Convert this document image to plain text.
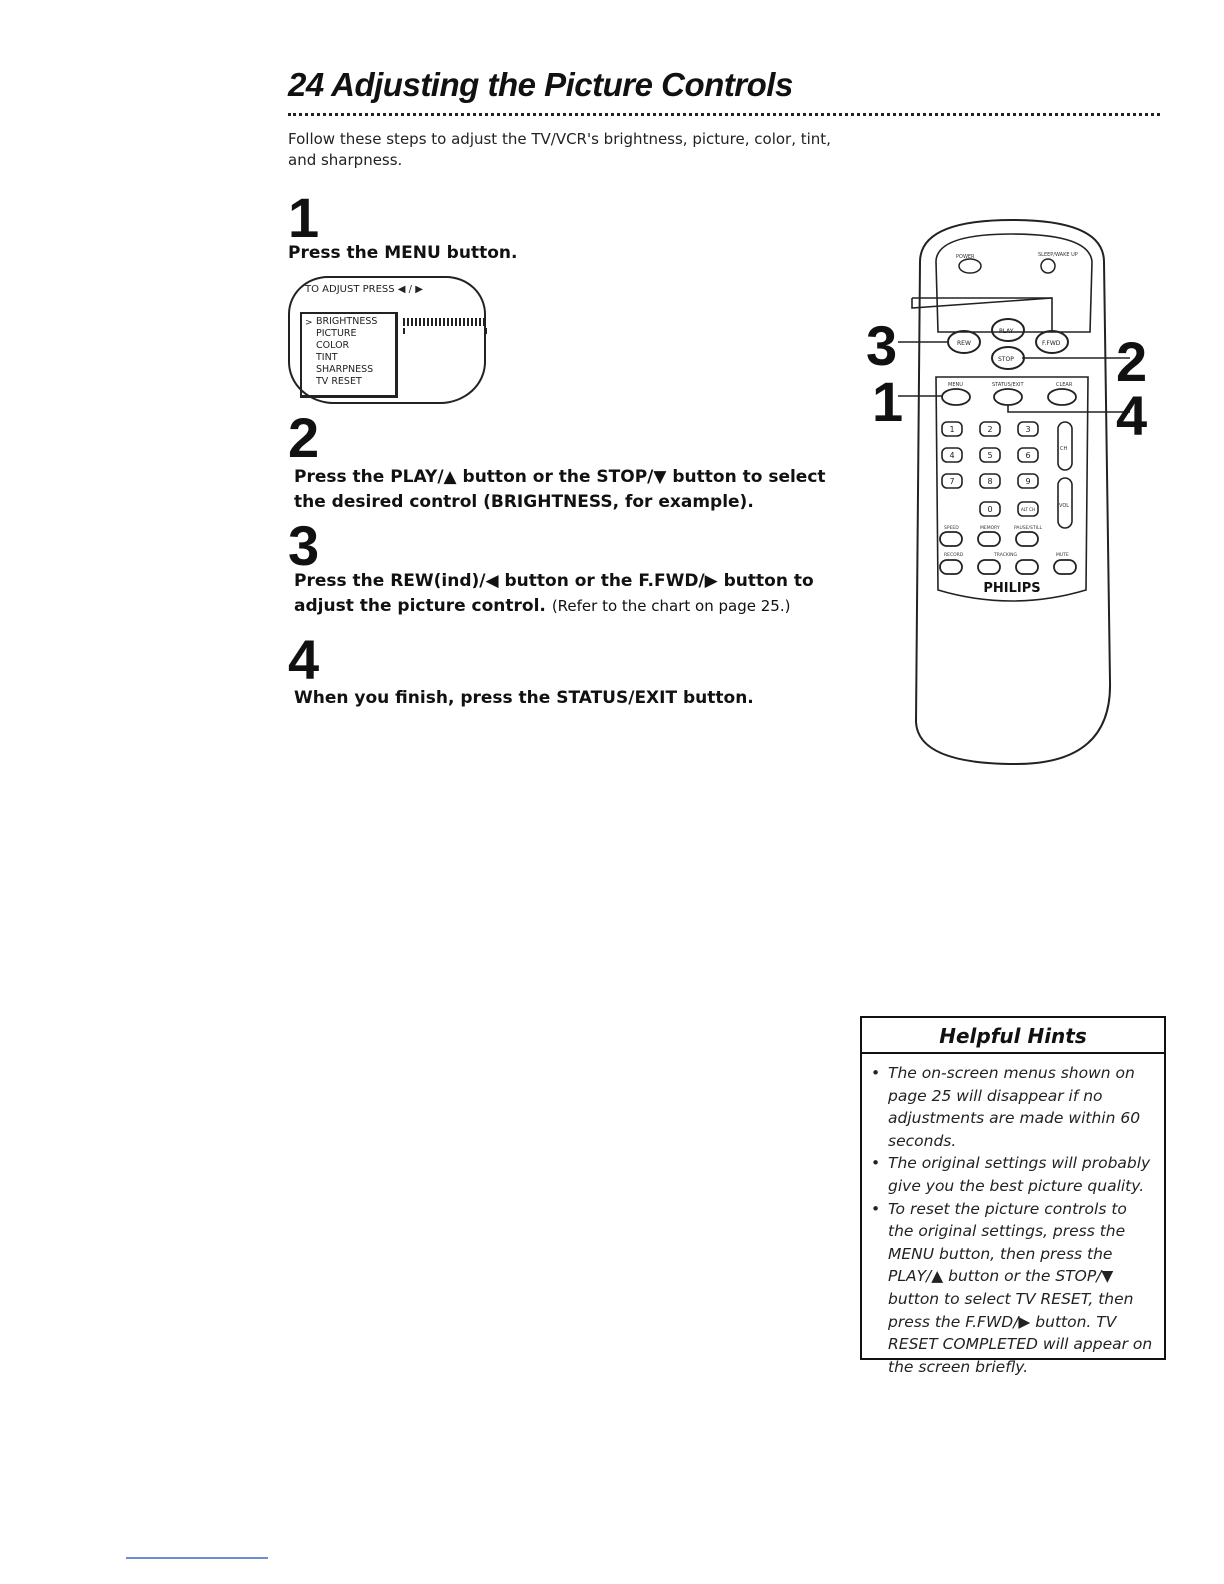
24 Adjusting the Picture Controls
Follow these steps to adjust the TV/VCR's brightness, picture, color, tint, and sharpness.
1
Press the MENU button.
TO ADJUST PRESS ◀ / ▶
> BRIGHTNESS
PICTURE
COLOR
TINT
SHARPNESS
TV RESET
2
Press the PLAY/▲ button or the STOP/▼ button to select the desired control (BRIGHTNESS, for example).
3
Press the REW(ind)/◀ button or the F.FWD/▶ button to adjust the picture control. (Refer to the chart on page 25.)
4
When you finish, press the STATUS/EXIT button.
POWER	SLEEP/WAKE UP
REW
PLAY
F.FWD
STOP
MENU	STATUS/EXIT	CLEAR
1	2	3
4	5	6
7	8	9
0	ALT CH
CH
VOL
SPEED	MEMORY	PAUSE/STILL
RECORD	TRACKING	MUTE
PHILIPS
3
1
2
4
Helpful Hints
• The on-screen menus shown on page 25 will disappear if no adjustments are made within 60 seconds.
• The original settings will probably give you the best picture quality.
• To reset the picture controls to the original settings, press the MENU button, then press the PLAY/▲ button or the STOP/▼ button to select TV RESET, then press the F.FWD/▶ button. TV RESET COMPLETED will appear on the screen briefly.
